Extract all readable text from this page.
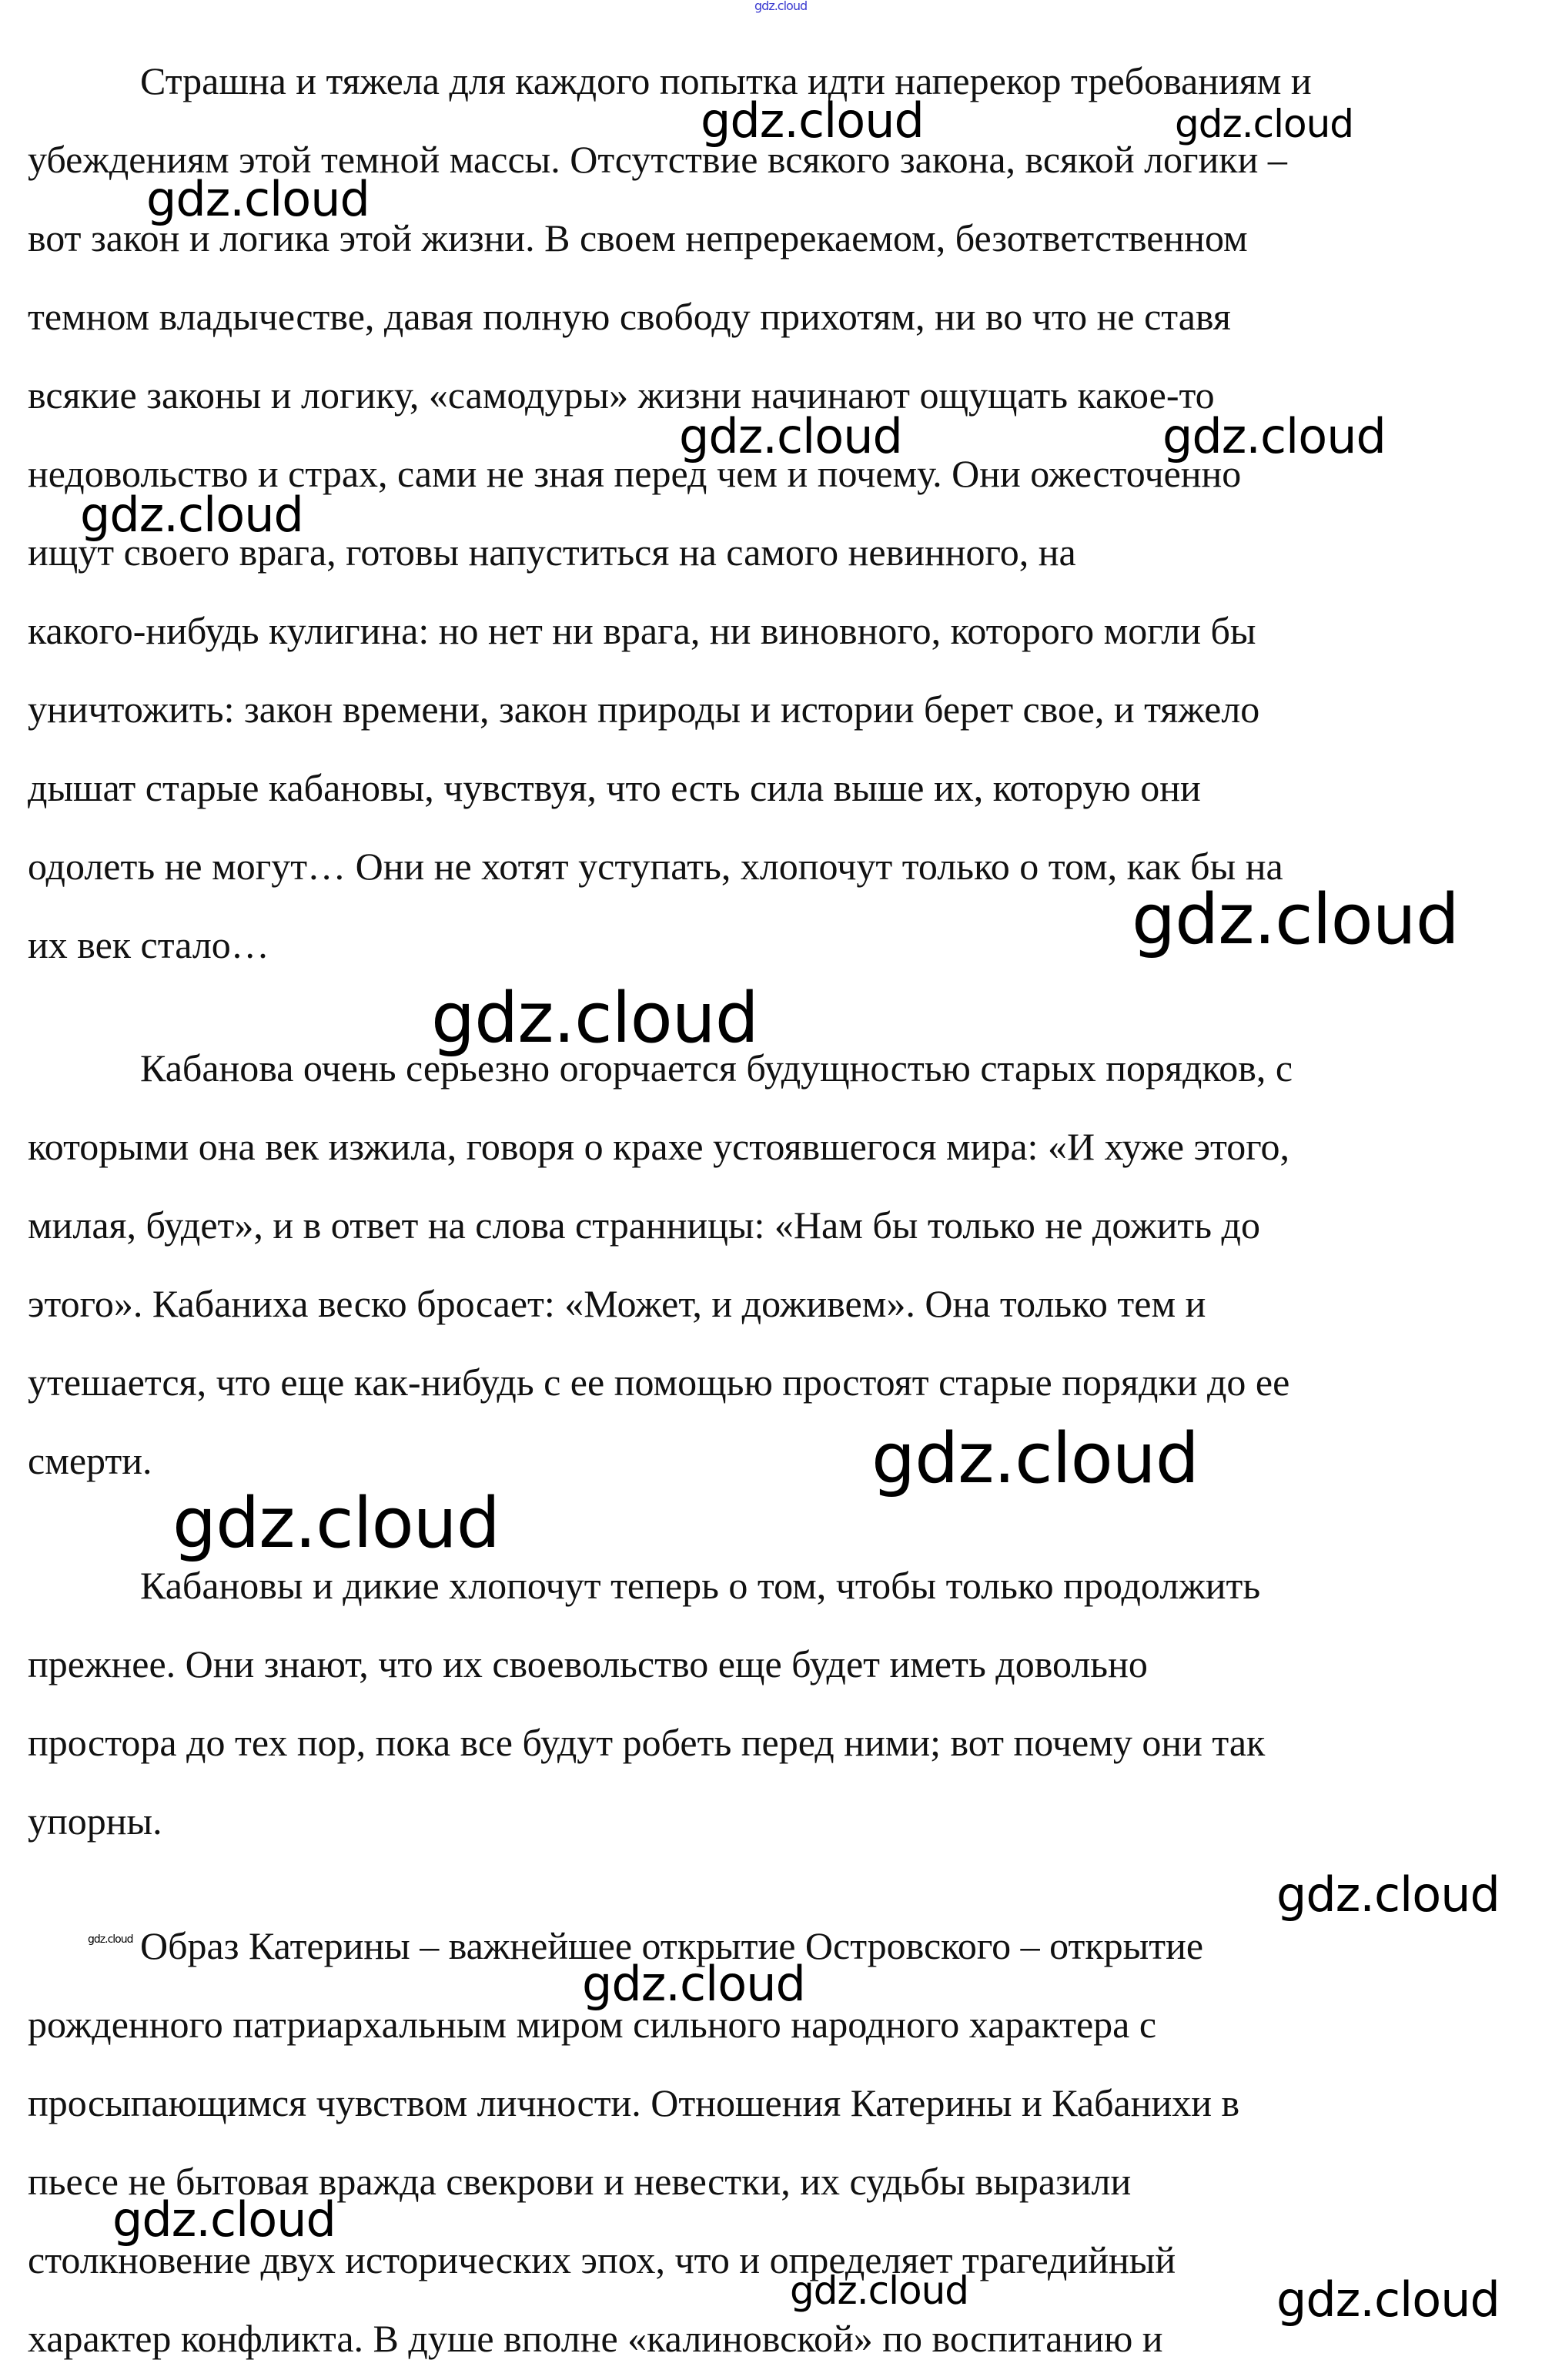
Страшна и тяжела для каждого попытка идти наперекор требованиям и
убеждениям этой темной массы. Отсутствие всякого закона, всякой логики –
вот закон и логика этой жизни. В своем непререкаемом, безответственном
темном владычестве, давая полную свободу прихотям, ни во что не ставя
всякие законы и логику, «самодуры» жизни начинают ощущать какое-то
недовольство и страх, сами не зная перед чем и почему. Они ожесточенно
ищут своего врага, готовы напуститься на самого невинного, на
какого-нибудь кулигина: но нет ни врага, ни виновного, которого могли бы
уничтожить: закон времени, закон природы и истории берет свое, и тяжело
дышат старые кабановы, чувствуя, что есть сила выше их, которую они
одолеть не могут… Они не хотят уступать, хлопочут только о том, как бы на
их век стало…

Кабанова очень серьезно огорчается будущностью старых порядков, с
которыми она век изжила, говоря о крахе устоявшегося мира: «И хуже этого,
милая, будет», и в ответ на слова странницы: «Нам бы только не дожить до
этого». Кабаниха веско бросает: «Может, и доживем». Она только тем и
утешается, что еще как-нибудь с ее помощью простоят старые порядки до ее
смерти.

Кабановы и дикие хлопочут теперь о том, чтобы только продолжить
прежнее. Они знают, что их своевольство еще будет иметь довольно
простора до тех пор, пока все будут робеть перед ними; вот почему они так
упорны.

Образ Катерины – важнейшее открытие Островского – открытие
рожденного патриархальным миром сильного народного характера с
просыпающимся чувством личности. Отношения Катерины и Кабанихи в
пьесе не бытовая вражда свекрови и невестки, их судьбы выразили
столкновение двух исторических эпох, что и определяет трагедийный
характер конфликта. В душе вполне «калиновской» по воспитанию и

gdz.cloud
gdz.cloud	gdz.cloud
gdz.cloud
gdz.cloud	gdz.cloud
gdz.cloud
gdz.cloud
gdz.cloud
gdz.cloud
gdz.cloud
gdz.cloud
gdz.cloud
gdz.cloud
gdz.cloud
gdz.cloud	gdz.cloud
